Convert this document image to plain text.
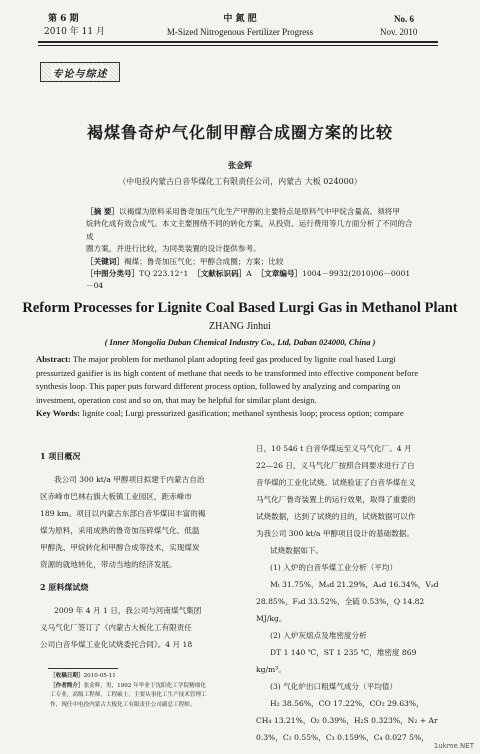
第 6 期
2010 年 11 月
中 氮 肥
M-Sized Nitrogenous Fertilizer Progress
No. 6
Nov. 2010
专论与综述
褐煤鲁奇炉气化制甲醇合成圈方案的比较
张金辉
（中电投内蒙古白音华煤化工有限责任公司，内蒙古 大板 024000）
［摘 要］以褐煤为原料采用鲁奇加压气化生产甲醇的主要特点是原料气中甲烷含量高。须将甲
烷转化成有效合成气。本文主要围绕不同的转化方案，从投资、运行费用等几方面分析了不同的合成
圈方案，并进行比较，为同类装置的设计提供参考。
［关键词］褐煤；鲁奇加压气化；甲醇合成圈；方案；比较
［中图分类号］TQ 223.12⁺1 ［文献标识码］A ［文章编号］1004－9932(2010)06－0001－04
Reform Processes for Lignite Coal Based Lurgi Gas in Methanol Plant
ZHANG Jinhui
( Inner Mongolia Daban Chemical Industry Co., Ltd, Daban 024000, China )
Abstract: The major problem for methanol plant adopting feed gas produced by lignite coal based Lurgi
pressurized gasifier is its high content of methane that needs to be transformed into effective component before
synthesis loop. This paper puts forward different process option, followed by analyzing and comparing on
investment, operation cost and so on, that may be helpful for similar plant design.
Key Words: lignite coal; Lurgi pressurized gasification; methanol synthesis loop; process option; compare
1 项目概况
我公司 300 kt/a 甲醇项目拟建于内蒙古自治
区赤峰市巴林右旗大板镇工业园区，距赤峰市
189 km。项目以内蒙古东部白音华煤田丰富的褐
煤为原料，采用成熟的鲁奇加压碎煤气化、低温
甲醇洗、甲烷转化和甲醇合成等技术，实现煤炭
资源的就地转化，带动当地的经济发展。
2 原料煤试烧
2009 年 4 月 1 日，我公司与河南煤气集团
义马气化厂签订了《内蒙古大板化工有限责任
公司白音华煤工业化试烧委托合同》。4 月 18
［收稿日期］2010-05-11
［作者简介］张金辉，男，1992 年毕业于沈阳化工学院精细化
工专业，高级工程师，工程硕士，主要从事化工生产技术管理工
作，现任中电投内蒙古大板化工有限责任公司副总工程师。
日，10 546 t 白音华煤运至义马气化厂。4 月
22—26 日，义马气化厂按照合同要求进行了白
音华煤的工业化试烧。试烧验证了白音华煤在义
马气化厂鲁奇装置上的运行效果，取得了重要的
试烧数据，达到了试烧的目的，试烧数据可以作
为我公司 300 kt/a 甲醇项目设计的基础数据。
试烧数据如下。
(1) 入炉的白音华煤工业分析（平均）
Mₜ 31.75%，Mₐd 21.29%，Aₐd 16.34%，Vₐd
28.85%，Fₐd 33.52%，全硫 0.53%，Q 14.82
MJ/kg。
(2) 入炉灰熔点及堆密度分析
DT 1 140 ℃，ST 1 235 ℃，堆密度 869
kg/m³。
(3) 气化炉出口粗煤气成分（平均值）
H₂ 38.56%，CO 17.22%，CO₂ 29.63%，
CH₄ 13.21%，O₂ 0.39%，H₂S 0.323%，N₂ + Ar
0.3%，C₂ 0.55%，C₃ 0.159%，C₄ 0.027 5%，
1ukme.NET
